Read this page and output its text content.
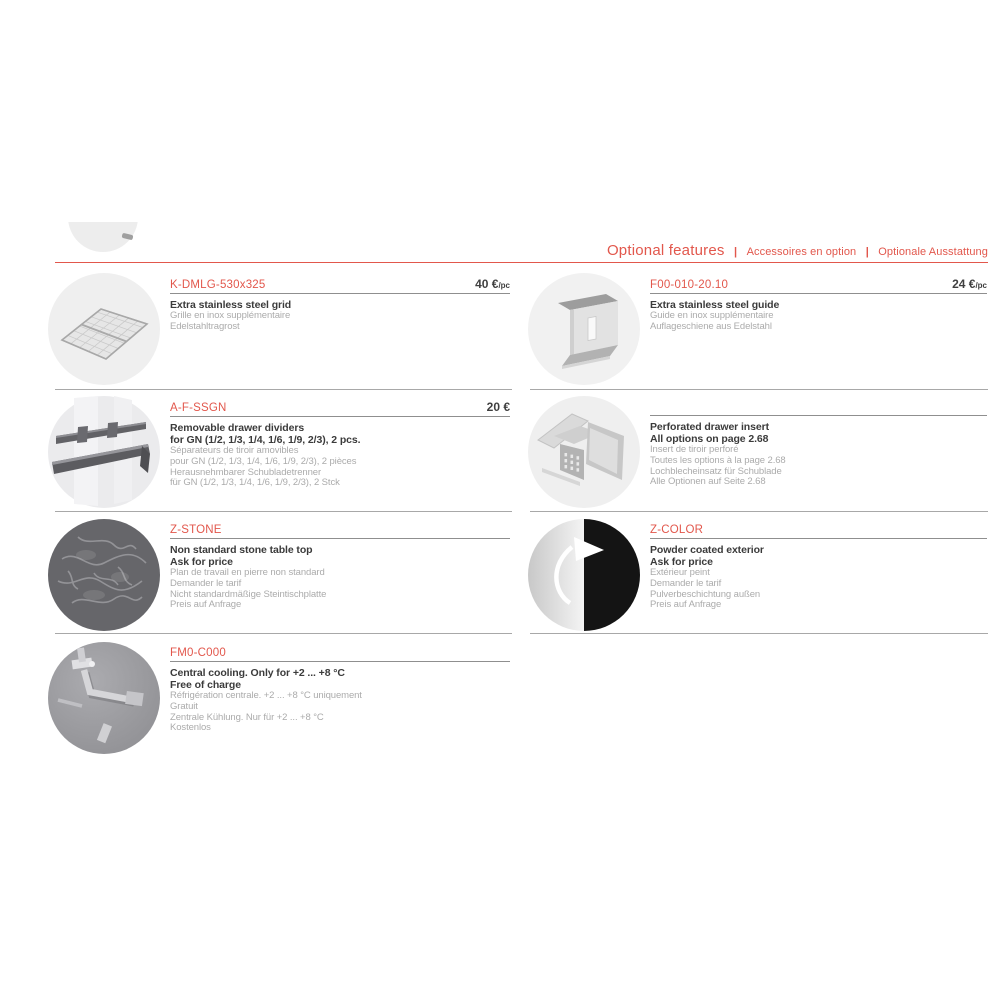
Optional features | Accessoires en option | Optionale Ausstattung
K-DMLG-530x325	40 €/pc
Extra stainless steel grid
Grille en inox supplémentaire
Edelstahltragrost
F00-010-20.10	24 €/pc
Extra stainless steel guide
Guide en inox supplémentaire
Auflageschiene aus Edelstahl
A-F-SSGN	20 €
Removable drawer dividers
for GN (1/2, 1/3, 1/4, 1/6, 1/9, 2/3), 2 pcs.
Séparateurs de tiroir amovibles
pour GN (1/2, 1/3, 1/4, 1/6, 1/9, 2/3), 2 pièces
Herausnehmbarer Schubladetrenner
für GN (1/2, 1/3, 1/4, 1/6, 1/9, 2/3), 2 Stck
Perforated drawer insert
All options on page 2.68
Insert de tiroir perforé
Toutes les options à la page 2.68
Lochblecheinsatz für Schublade
Alle Optionen auf Seite 2.68
Z-STONE
Non standard stone table top
Ask for price
Plan de travail en pierre non standard
Demander le tarif
Nicht standardmäßige Steintischplatte
Preis auf Anfrage
Z-COLOR
Powder coated exterior
Ask for price
Extérieur peint
Demander le tarif
Pulverbeschichtung außen
Preis auf Anfrage
FM0-C000
Central cooling. Only for +2 ... +8 °C
Free of charge
Réfrigération centrale. +2 ... +8 °C uniquement
Gratuit
Zentrale Kühlung. Nur für +2 ... +8 °C
Kostenlos
